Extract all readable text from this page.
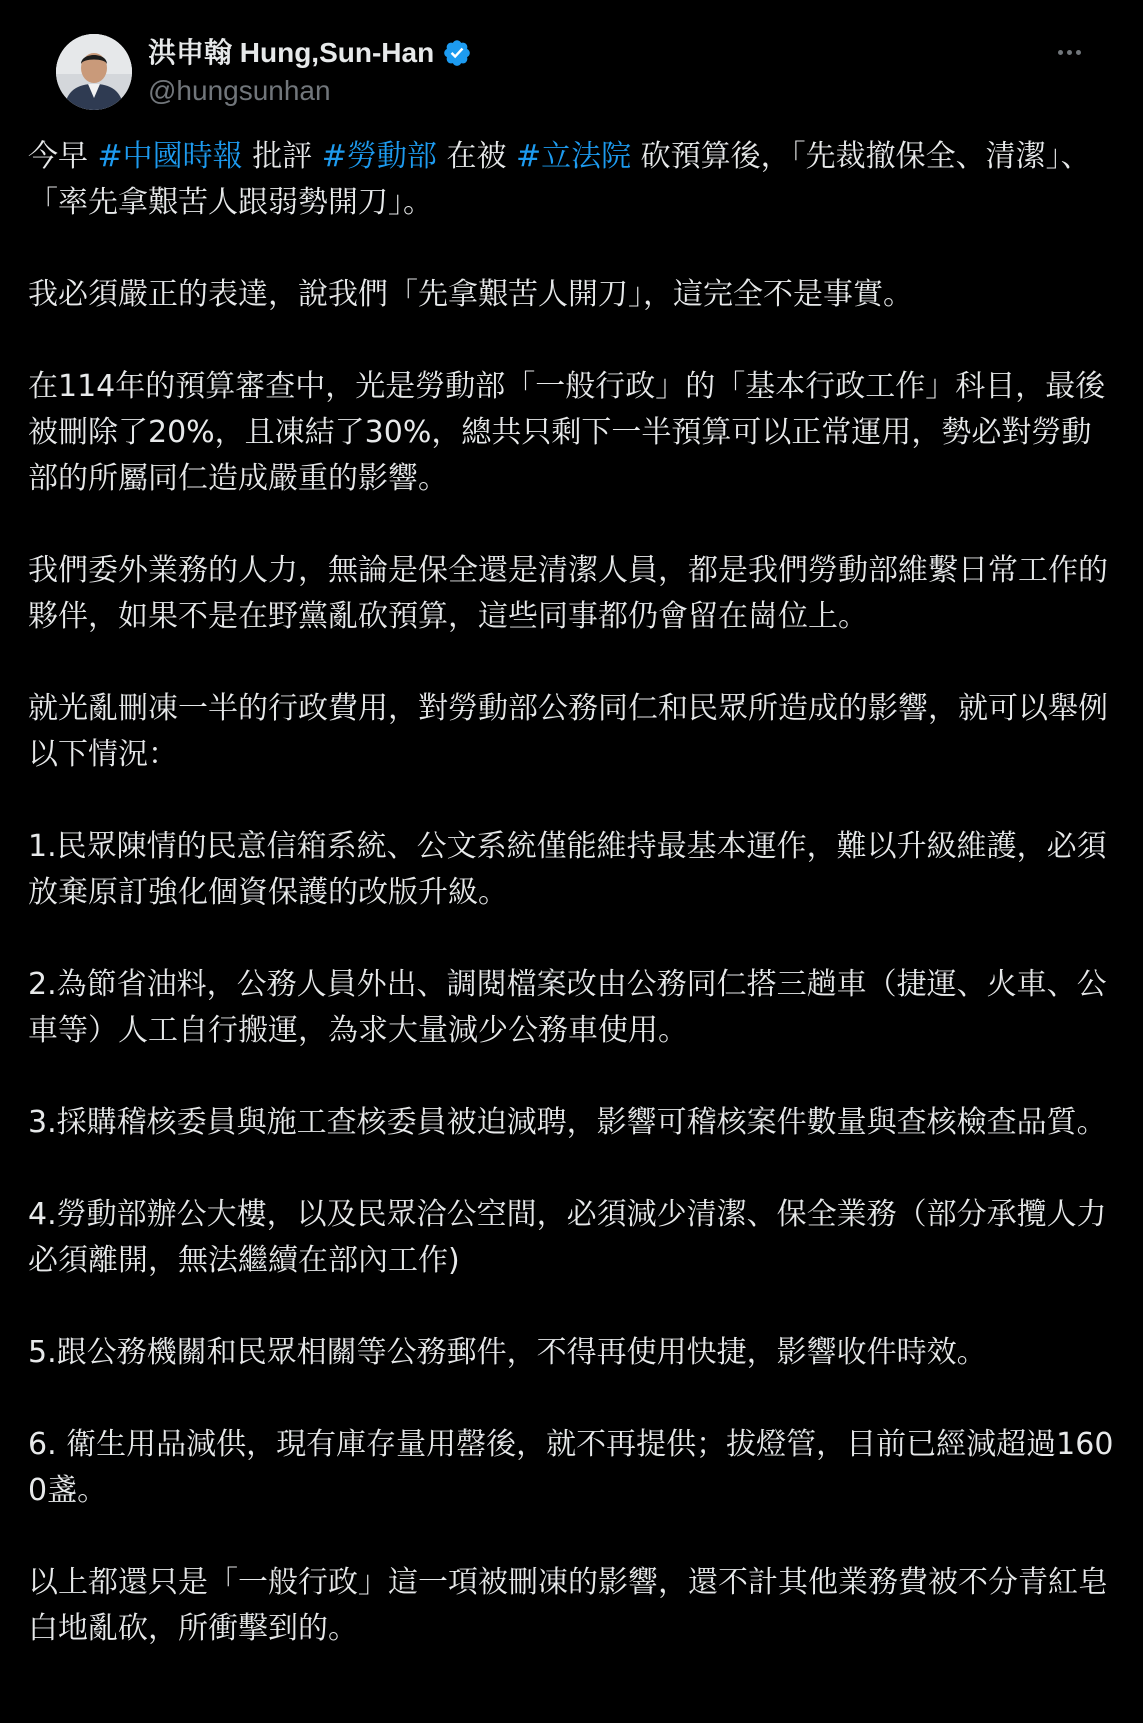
洪申翰 Hung,Sun-Han
@hungsunhan

今早 #中國時報 批評 #勞動部 在被 #立法院 砍預算後，「先裁撤保全、清潔」、「率先拿艱苦人跟弱勢開刀」。

我必須嚴正的表達，說我們「先拿艱苦人開刀」，這完全不是事實。

在114年的預算審查中，光是勞動部「一般行政」的「基本行政工作」科目，最後被刪除了20%，且凍結了30%，總共只剩下一半預算可以正常運用，勢必對勞動部的所屬同仁造成嚴重的影響。

我們委外業務的人力，無論是保全還是清潔人員，都是我們勞動部維繫日常工作的夥伴，如果不是在野黨亂砍預算，這些同事都仍會留在崗位上。

就光亂刪凍一半的行政費用，對勞動部公務同仁和民眾所造成的影響，就可以舉例以下情況：

1.民眾陳情的民意信箱系統、公文系統僅能維持最基本運作，難以升級維護，必須放棄原訂強化個資保護的改版升級。

2.為節省油料，公務人員外出、調閱檔案改由公務同仁搭三趟車（捷運、火車、公車等）人工自行搬運，為求大量減少公務車使用。

3.採購稽核委員與施工查核委員被迫減聘，影響可稽核案件數量與查核檢查品質。

4.勞動部辦公大樓，以及民眾洽公空間，必須減少清潔、保全業務（部分承攬人力必須離開，無法繼續在部內工作)

5.跟公務機關和民眾相關等公務郵件，不得再使用快捷，影響收件時效。

6. 衛生用品減供，現有庫存量用罄後，就不再提供；拔燈管，目前已經減超過1600盞。

以上都還只是「一般行政」這一項被刪凍的影響，還不計其他業務費被不分青紅皂白地亂砍，所衝擊到的。
